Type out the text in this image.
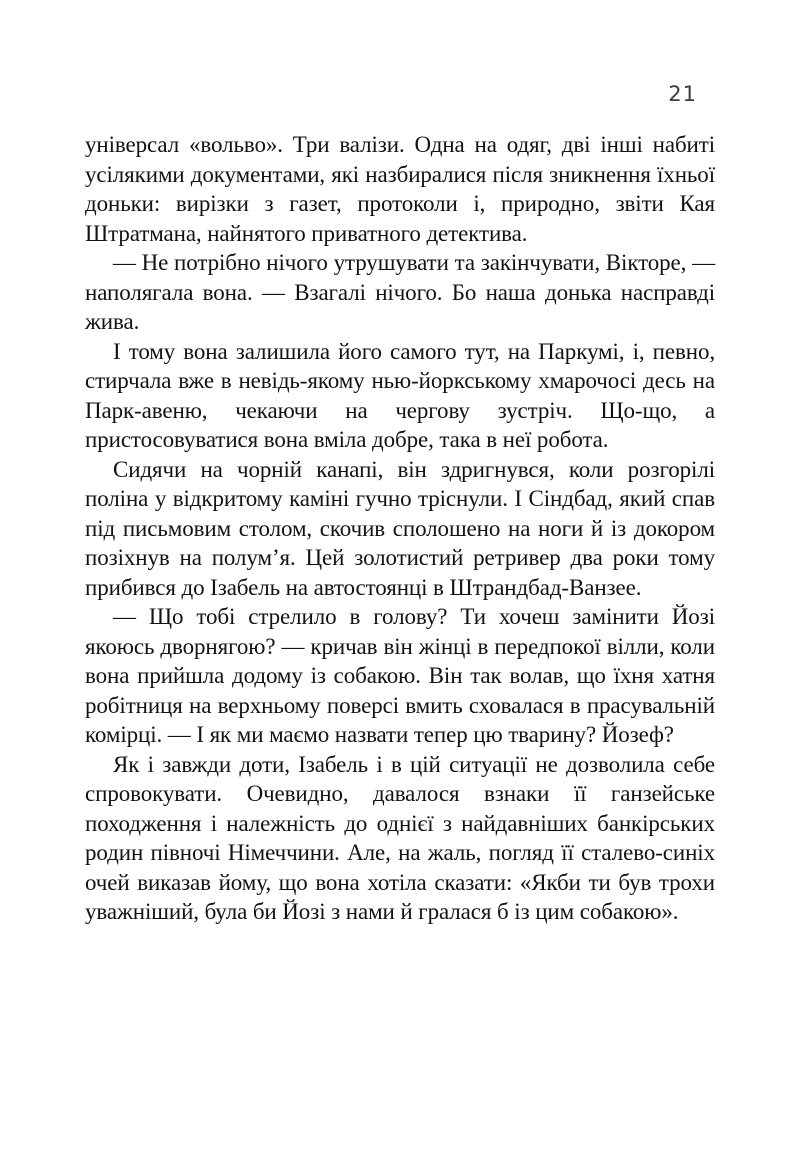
21

універсал «вольво». Три валізи. Одна на одяг, дві інші набиті усілякими документами, які назбиралися після зникнення їхньої доньки: вирізки з газет, протоколи і, природно, звіти Кая Штратмана, найнятого приватного детектива.

— Не потрібно нічого утрушувати та закінчувати, Вікторе, — наполягала вона. — Взагалі нічого. Бо наша донька насправді жива.

І тому вона залишила його самого тут, на Паркумі, і, певно, стирчала вже в невідь-якому нью-йоркському хмарочосі десь на Парк-авеню, чекаючи на чергову зустріч. Що-що, а пристосовуватися вона вміла добре, така в неї робота.

Сидячи на чорній канапі, він здригнувся, коли розгорілі поліна у відкритому каміні гучно тріснули. І Сіндбад, який спав під письмовим столом, скочив сполошено на ноги й із докором позіхнув на полум’я. Цей золотистий ретривер два роки тому прибився до Ізабель на автостоянці в Штрандбад-Ванзее.

— Що тобі стрелило в голову? Ти хочеш замінити Йозі якоюсь дворнягою? — кричав він жінці в передпокої вілли, коли вона прийшла додому із собакою. Він так волав, що їхня хатня робітниця на верхньому поверсі вмить сховалася в прасувальній комірці. — І як ми маємо назвати тепер цю тварину? Йозеф?

Як і завжди доти, Ізабель і в цій ситуації не дозволила себе спровокувати. Очевидно, давалося взнаки її ганзейське походження і належність до однієї з найдавніших банкірських родин півночі Німеччини. Але, на жаль, погляд її сталево-синіх очей виказав йому, що вона хотіла сказати: «Якби ти був трохи уважніший, була би Йозі з нами й гралася б із цим собакою».
